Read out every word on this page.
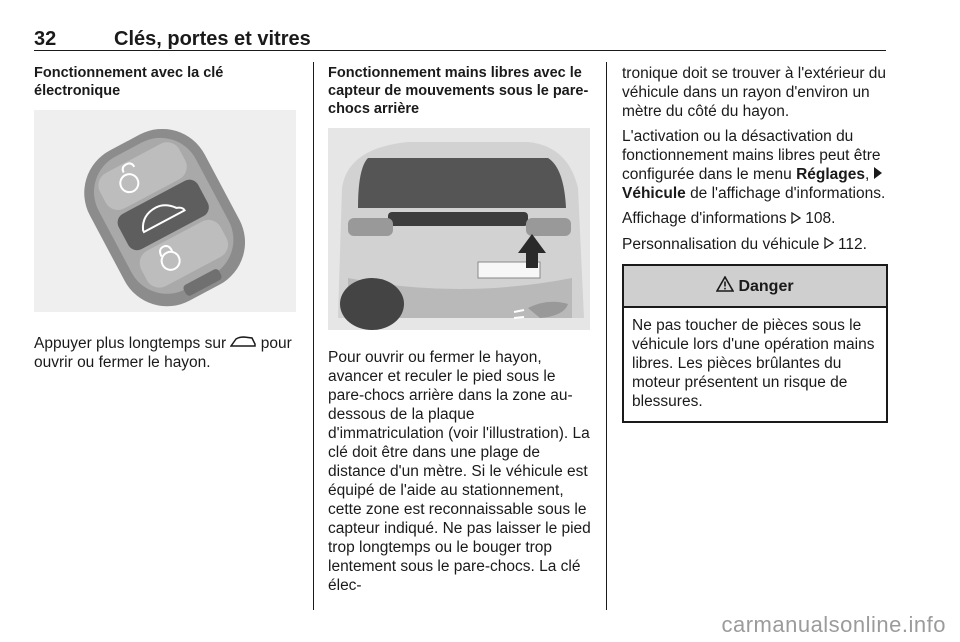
32	Clés, portes et vitres
Fonctionnement avec la clé électronique

Appuyer plus longtemps sur pour ouvrir ou fermer le hayon.

Fonctionnement mains libres avec le capteur de mouvements sous le pare-chocs arrière

Pour ouvrir ou fermer le hayon, avancer et reculer le pied sous le pare-chocs arrière dans la zone au-dessous de la plaque d'immatriculation (voir l'illustration). La clé doit être dans une plage de distance d'un mètre. Si le véhicule est équipé de l'aide au stationnement, cette zone est reconnaissable sous le capteur indiqué. Ne pas laisser le pied trop longtemps ou le bouger trop lentement sous le pare-chocs. La clé élec-

tronique doit se trouver à l'extérieur du véhicule dans un rayon d'environ un mètre du côté du hayon.

L'activation ou la désactivation du fonctionnement mains libres peut être configurée dans le menu Réglages,  Véhicule de l'affichage d'informations.

Affichage d'informations 108.

Personnalisation du véhicule 112.

Danger
Ne pas toucher de pièces sous le véhicule lors d'une opération mains libres. Les pièces brûlantes du moteur présentent un risque de blessures.
carmanualsonline.info
